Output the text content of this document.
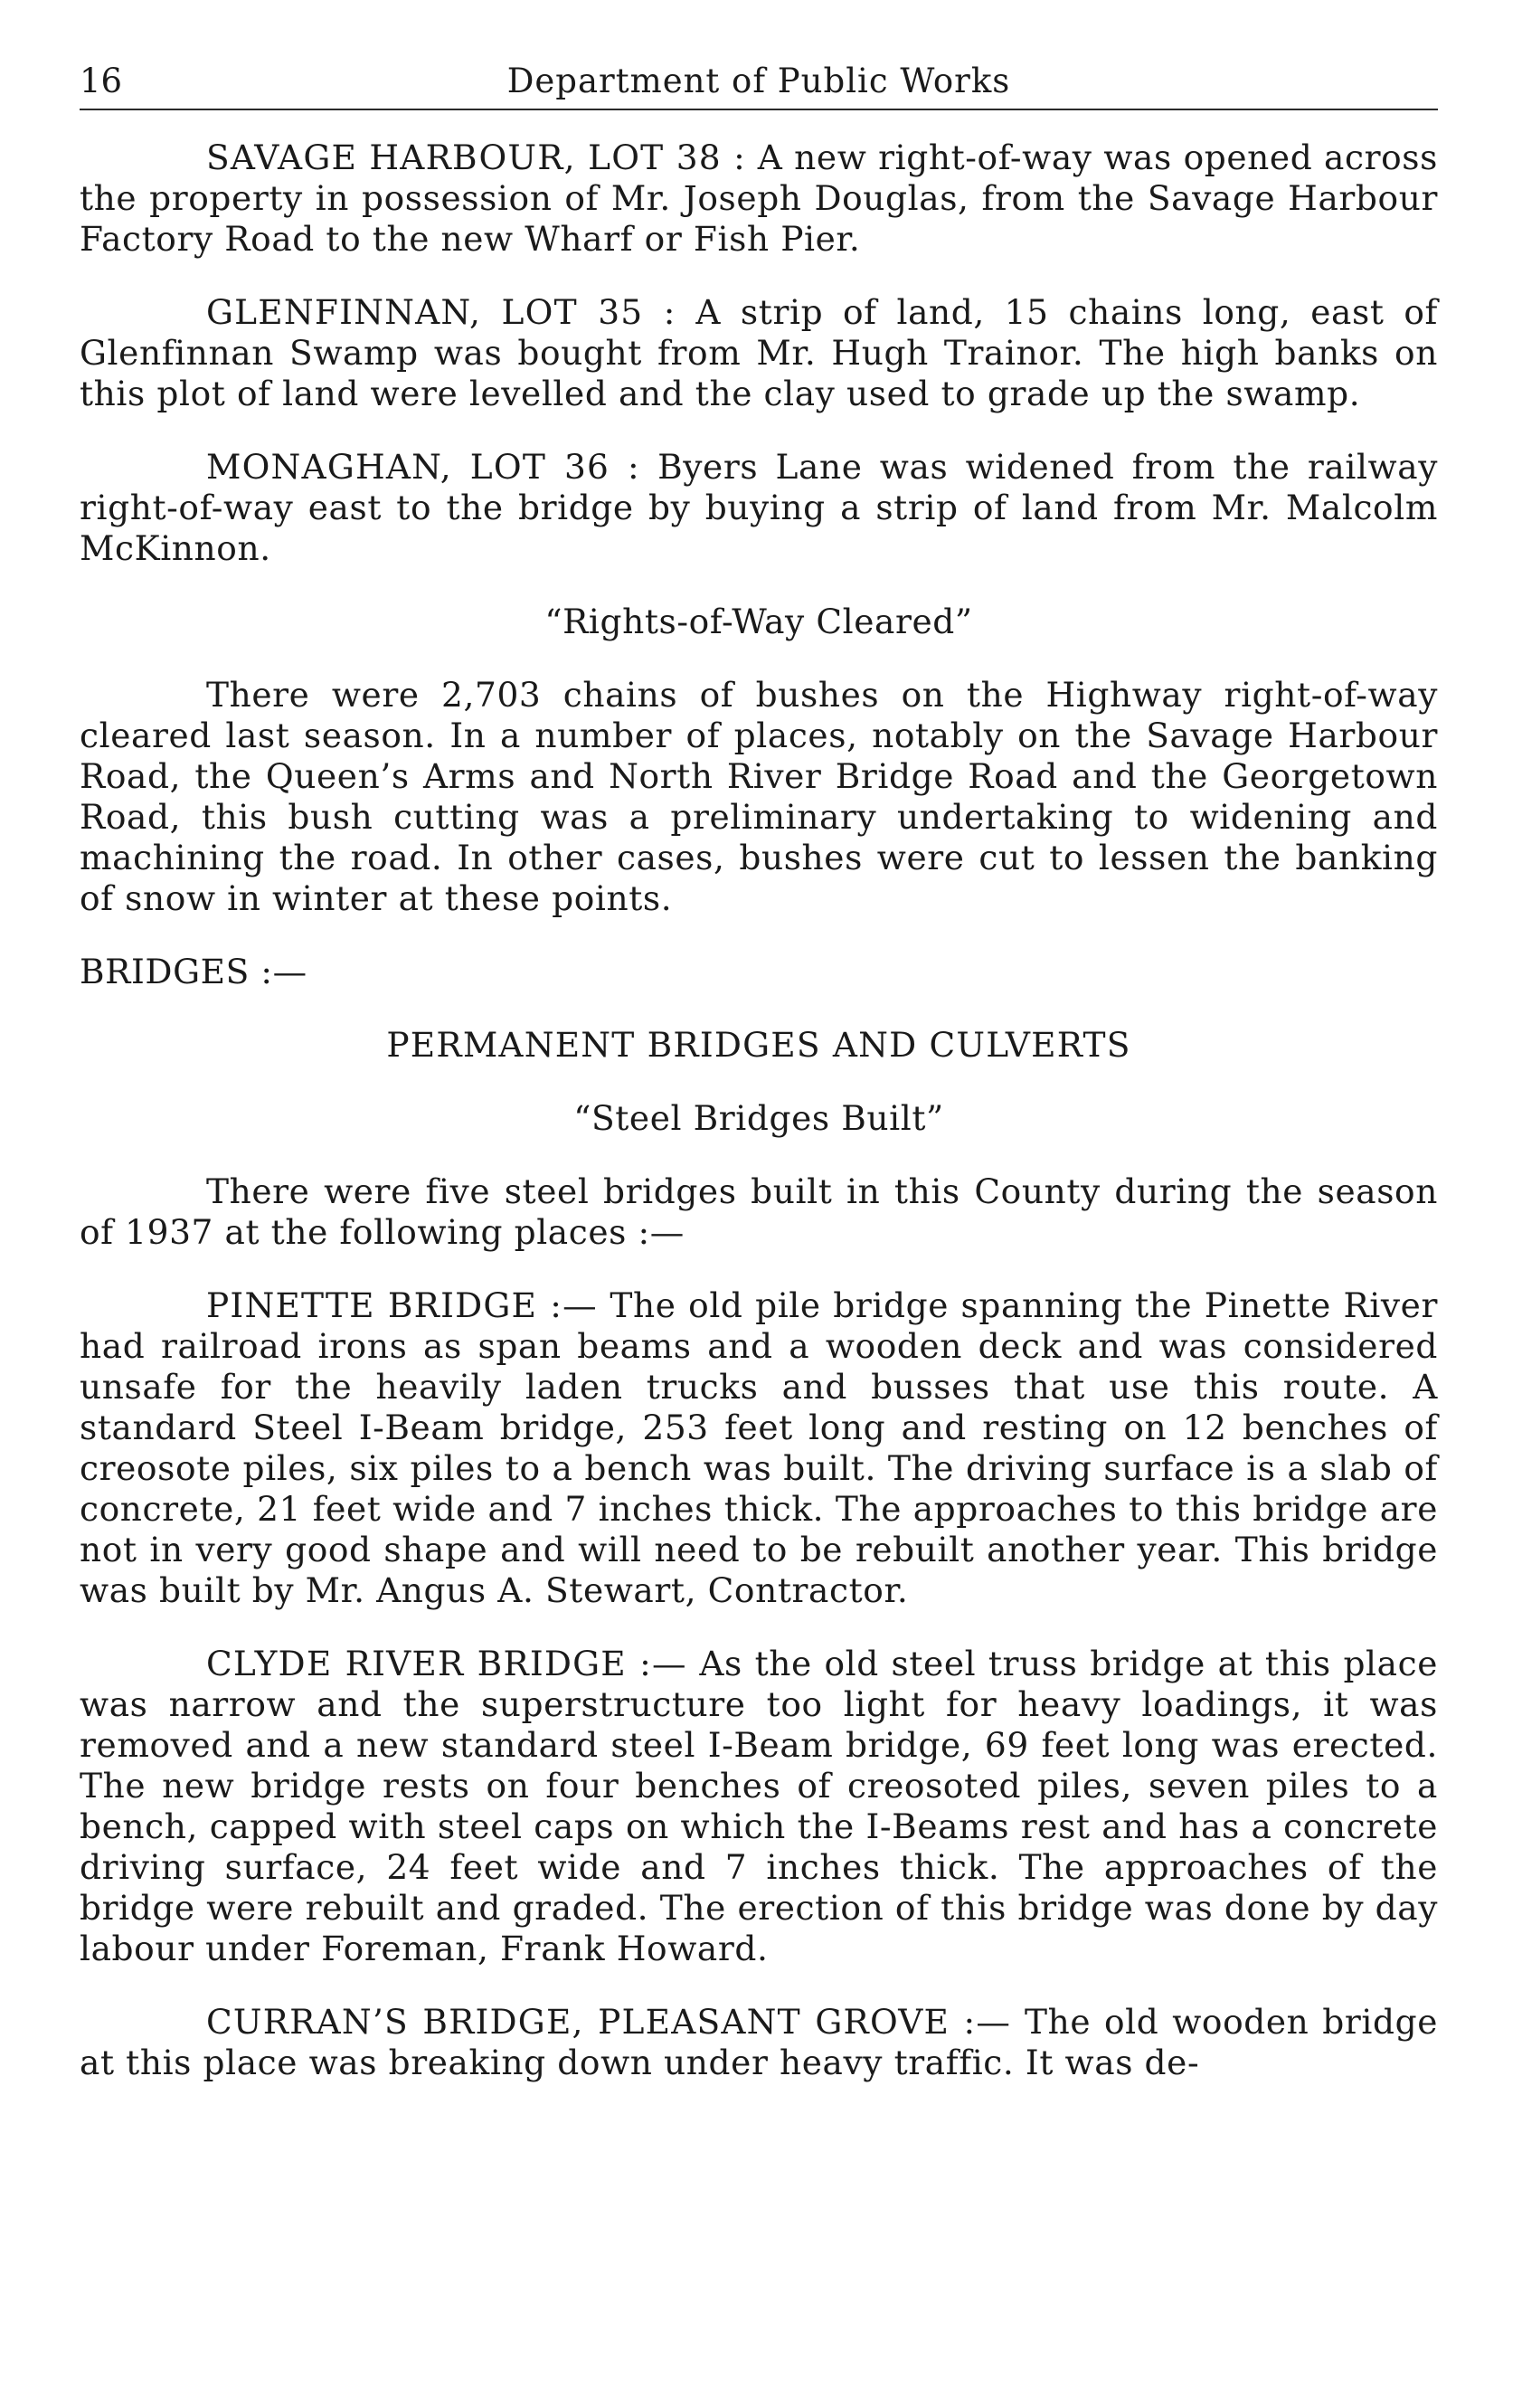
16	Department of Public Works

SAVAGE HARBOUR, LOT 38 : A new right-of-way was opened across the property in possession of Mr. Joseph Douglas, from the Savage Harbour Factory Road to the new Wharf or Fish Pier.

GLENFINNAN, LOT 35 : A strip of land, 15 chains long, east of Glenfinnan Swamp was bought from Mr. Hugh Trainor. The high banks on this plot of land were levelled and the clay used to grade up the swamp.

MONAGHAN, LOT 36 : Byers Lane was widened from the railway right-of-way east to the bridge by buying a strip of land from Mr. Malcolm McKinnon.

“Rights-of-Way Cleared”

There were 2,703 chains of bushes on the Highway right-of-way cleared last season. In a number of places, notably on the Savage Harbour Road, the Queen’s Arms and North River Bridge Road and the Georgetown Road, this bush cutting was a preliminary undertaking to widening and machining the road. In other cases, bushes were cut to lessen the banking of snow in winter at these points.

BRIDGES :—
PERMANENT BRIDGES AND CULVERTS
“Steel Bridges Built”

There were five steel bridges built in this County during the season of 1937 at the following places :—

PINETTE BRIDGE :— The old pile bridge spanning the Pinette River had railroad irons as span beams and a wooden deck and was considered unsafe for the heavily laden trucks and busses that use this route. A standard Steel I-Beam bridge, 253 feet long and resting on 12 benches of creosote piles, six piles to a bench was built. The driving surface is a slab of concrete, 21 feet wide and 7 inches thick. The approaches to this bridge are not in very good shape and will need to be rebuilt another year. This bridge was built by Mr. Angus A. Stewart, Contractor.

CLYDE RIVER BRIDGE :— As the old steel truss bridge at this place was narrow and the superstructure too light for heavy loadings, it was removed and a new standard steel I-Beam bridge, 69 feet long was erected. The new bridge rests on four benches of creosoted piles, seven piles to a bench, capped with steel caps on which the I-Beams rest and has a concrete driving surface, 24 feet wide and 7 inches thick. The approaches of the bridge were rebuilt and graded. The erection of this bridge was done by day labour under Foreman, Frank Howard.

CURRAN’S BRIDGE, PLEASANT GROVE :— The old wooden bridge at this place was breaking down under heavy traffic. It was de-
